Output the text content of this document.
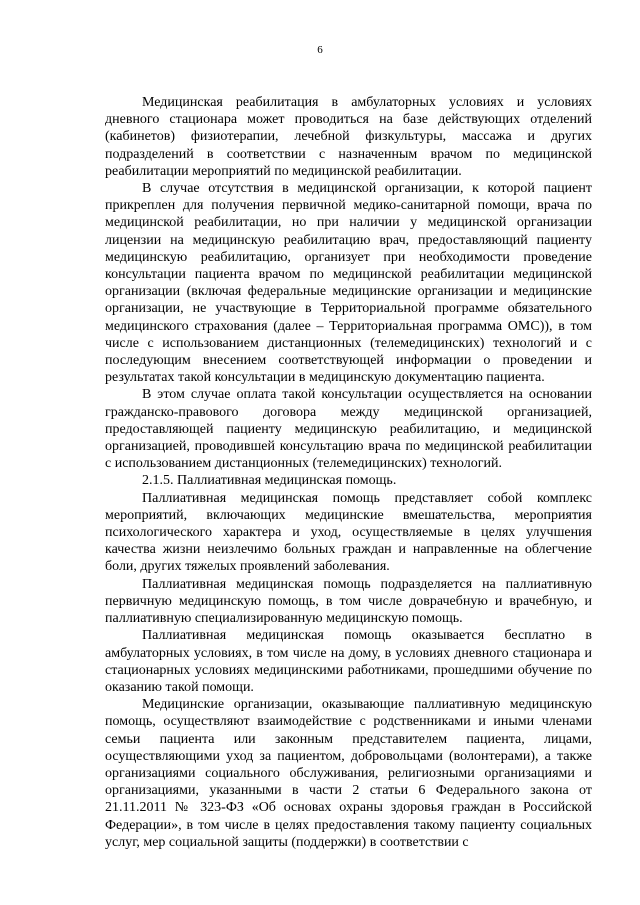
6

Медицинская реабилитация в амбулаторных условиях и условиях дневного стационара может проводиться на базе действующих отделений (кабинетов) физиотерапии, лечебной физкультуры, массажа и других подразделений в соответствии с назначенным врачом по медицинской реабилитации мероприятий по медицинской реабилитации.

В случае отсутствия в медицинской организации, к которой пациент прикреплен для получения первичной медико-санитарной помощи, врача по медицинской реабилитации, но при наличии у медицинской организации лицензии на медицинскую реабилитацию врач, предоставляющий пациенту медицинскую реабилитацию, организует при необходимости проведение консультации пациента врачом по медицинской реабилитации медицинской организации (включая федеральные медицинские организации и медицинские организации, не участвующие в Территориальной программе обязательного медицинского страхования (далее – Территориальная программа ОМС)), в том числе с использованием дистанционных (телемедицинских) технологий и с последующим внесением соответствующей информации о проведении и результатах такой консультации в медицинскую документацию пациента.

В этом случае оплата такой консультации осуществляется на основании гражданско-правового договора между медицинской организацией, предоставляющей пациенту медицинскую реабилитацию, и медицинской организацией, проводившей консультацию врача по медицинской реабилитации с использованием дистанционных (телемедицинских) технологий.

2.1.5. Паллиативная медицинская помощь.

Паллиативная медицинская помощь представляет собой комплекс мероприятий, включающих медицинские вмешательства, мероприятия психологического характера и уход, осуществляемые в целях улучшения качества жизни неизлечимо больных граждан и направленные на облегчение боли, других тяжелых проявлений заболевания.

Паллиативная медицинская помощь подразделяется на паллиативную первичную медицинскую помощь, в том числе доврачебную и врачебную, и паллиативную специализированную медицинскую помощь.

Паллиативная медицинская помощь оказывается бесплатно в амбулаторных условиях, в том числе на дому, в условиях дневного стационара и стационарных условиях медицинскими работниками, прошедшими обучение по оказанию такой помощи.

Медицинские организации, оказывающие паллиативную медицинскую помощь, осуществляют взаимодействие с родственниками и иными членами семьи пациента или законным представителем пациента, лицами, осуществляющими уход за пациентом, добровольцами (волонтерами), а также организациями социального обслуживания, религиозными организациями и организациями, указанными в части 2 статьи 6 Федерального закона от 21.11.2011 № 323-ФЗ «Об основах охраны здоровья граждан в Российской Федерации», в том числе в целях предоставления такому пациенту социальных услуг, мер социальной защиты (поддержки) в соответствии с
